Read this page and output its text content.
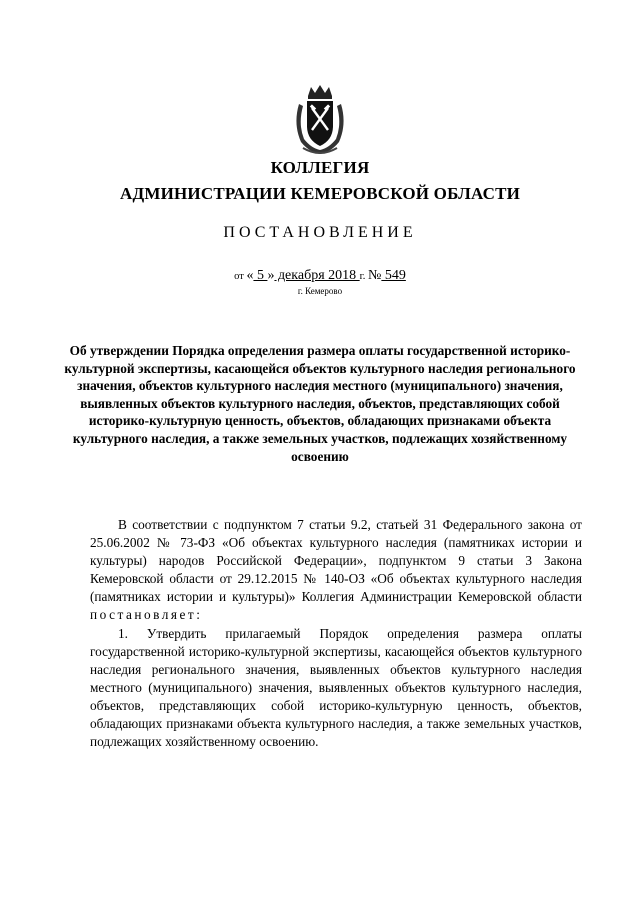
КОЛЛЕГИЯ
АДМИНИСТРАЦИИ КЕМЕРОВСКОЙ ОБЛАСТИ
ПОСТАНОВЛЕНИЕ
от « 5 » декабря 2018 г. № 549
г. Кемерово
Об утверждении Порядка определения размера оплаты государственной историко-культурной экспертизы, касающейся объектов культурного наследия регионального значения, объектов культурного наследия местного (муниципального) значения, выявленных объектов культурного наследия, объектов, представляющих собой историко-культурную ценность, объектов, обладающих признаками объекта культурного наследия, а также земельных участков, подлежащих хозяйственному освоению

В соответствии с подпунктом 7 статьи 9.2, статьей 31 Федерального закона от 25.06.2002 № 73-ФЗ «Об объектах культурного наследия (памятниках истории и культуры) народов Российской Федерации», подпунктом 9 статьи 3 Закона Кемеровской области от 29.12.2015 № 140-ОЗ «Об объектах культурного наследия (памятниках истории и культуры)» Коллегия Администрации Кемеровской области постановляет:

1. Утвердить прилагаемый Порядок определения размера оплаты государственной историко-культурной экспертизы, касающейся объектов культурного наследия регионального значения, выявленных объектов культурного наследия местного (муниципального) значения, выявленных объектов культурного наследия, объектов, представляющих собой историко-культурную ценность, объектов, обладающих признаками объекта культурного наследия, а также земельных участков, подлежащих хозяйственному освоению.
